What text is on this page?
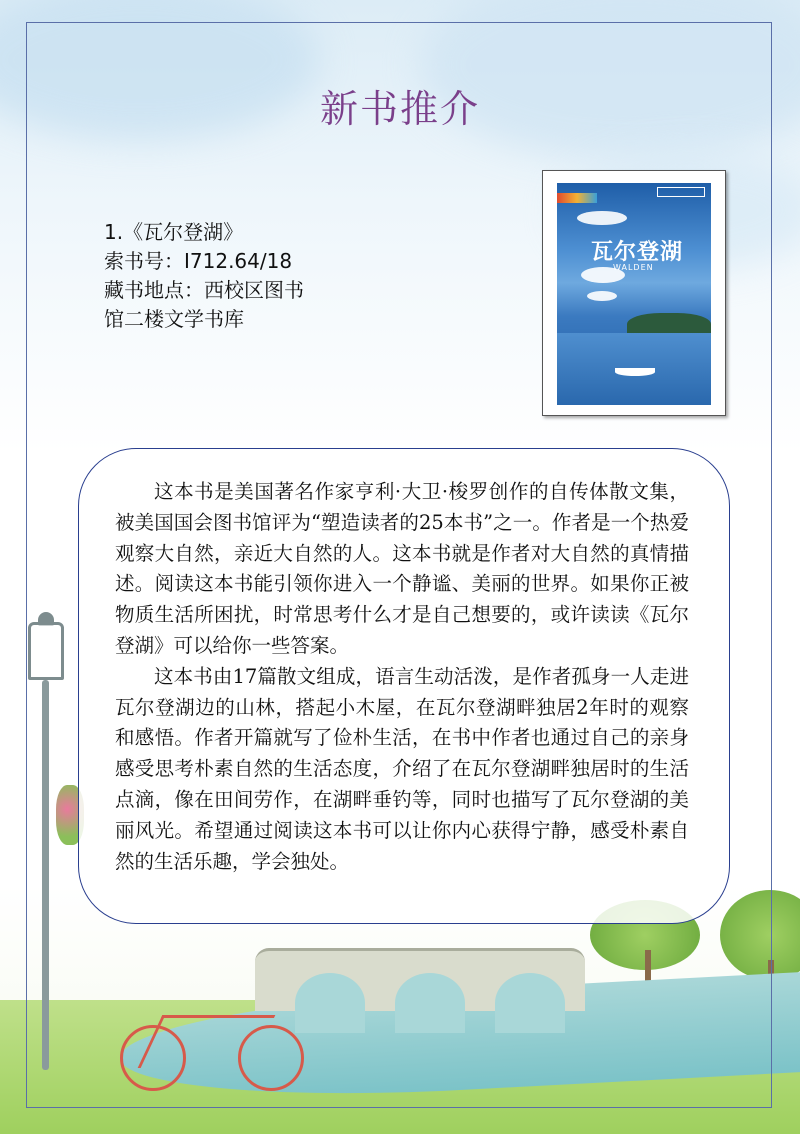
新书推介
1.《瓦尔登湖》
索书号：I712.64/18
藏书地点：西校区图书
馆二楼文学书库
瓦尔登湖
WALDEN

这本书是美国著名作家亨利·大卫·梭罗创作的自传体散文集，被美国国会图书馆评为“塑造读者的25本书”之一。作者是一个热爱观察大自然，亲近大自然的人。这本书就是作者对大自然的真情描述。阅读这本书能引领你进入一个静谧、美丽的世界。如果你正被物质生活所困扰，时常思考什么才是自己想要的，或许读读《瓦尔登湖》可以给你一些答案。

这本书由17篇散文组成，语言生动活泼，是作者孤身一人走进瓦尔登湖边的山林，搭起小木屋，在瓦尔登湖畔独居2年时的观察和感悟。作者开篇就写了俭朴生活，在书中作者也通过自己的亲身感受思考朴素自然的生活态度，介绍了在瓦尔登湖畔独居时的生活点滴，像在田间劳作，在湖畔垂钓等，同时也描写了瓦尔登湖的美丽风光。希望通过阅读这本书可以让你内心获得宁静，感受朴素自然的生活乐趣，学会独处。
